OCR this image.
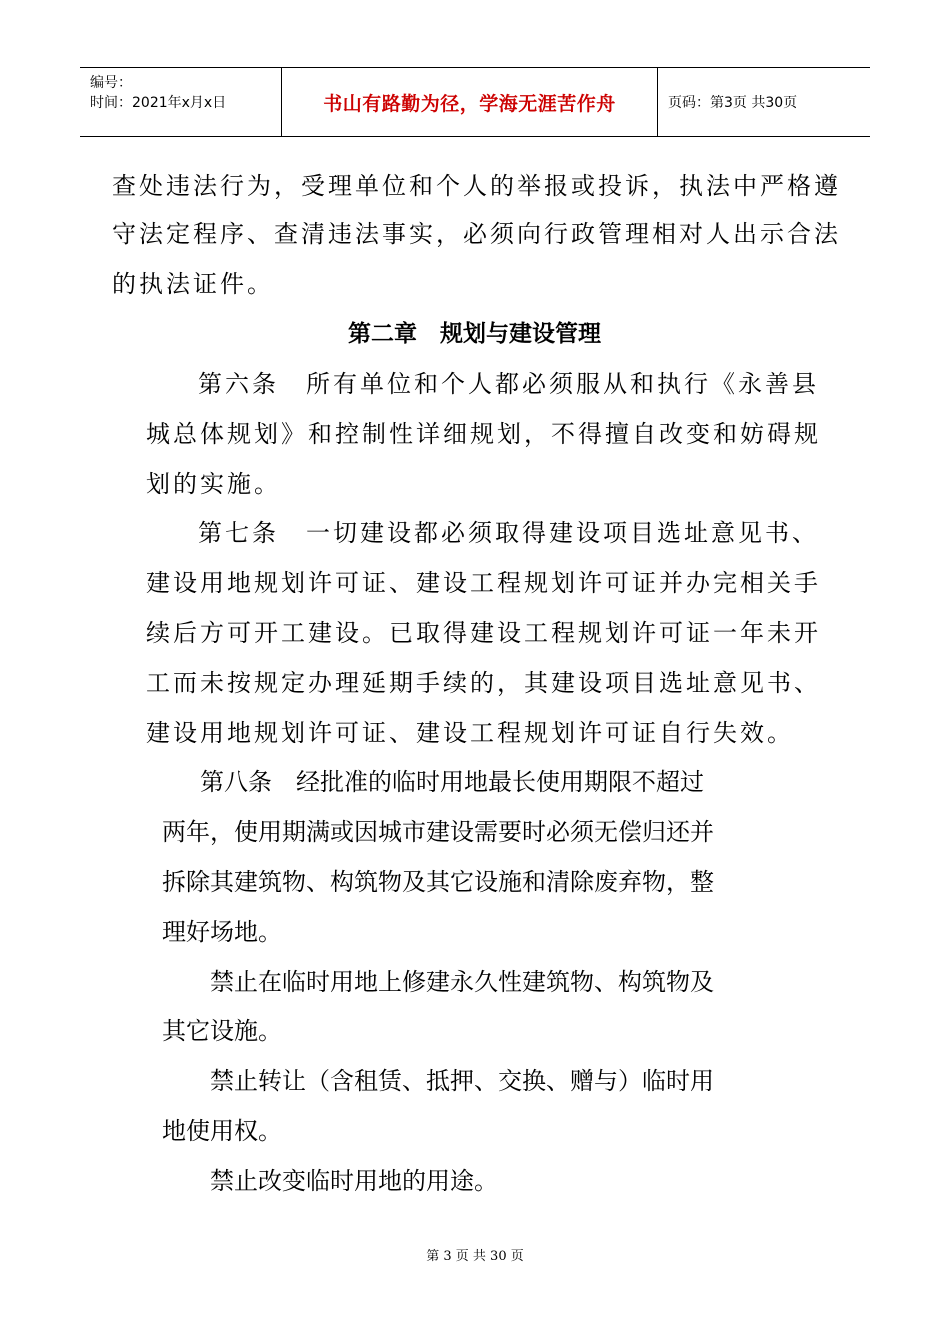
编号：
时间：2021年x月x日	书山有路勤为径，学海无涯苦作舟	页码：第3页 共30页
查处违法行为，受理单位和个人的举报或投诉，执法中严格遵
守法定程序、查清违法事实，必须向行政管理相对人出示合法
的执法证件。
第二章　规划与建设管理
第六条　所有单位和个人都必须服从和执行《永善县
城总体规划》和控制性详细规划，不得擅自改变和妨碍规
划的实施。
第七条　一切建设都必须取得建设项目选址意见书、
建设用地规划许可证、建设工程规划许可证并办完相关手
续后方可开工建设。已取得建设工程规划许可证一年未开
工而未按规定办理延期手续的，其建设项目选址意见书、
建设用地规划许可证、建设工程规划许可证自行失效。
第八条　经批准的临时用地最长使用期限不超过
两年，使用期满或因城市建设需要时必须无偿归还并
拆除其建筑物、构筑物及其它设施和清除废弃物，整
理好场地。
禁止在临时用地上修建永久性建筑物、构筑物及
其它设施。
禁止转让（含租赁、抵押、交换、赠与）临时用
地使用权。
禁止改变临时用地的用途。
第 3 页 共 30 页
